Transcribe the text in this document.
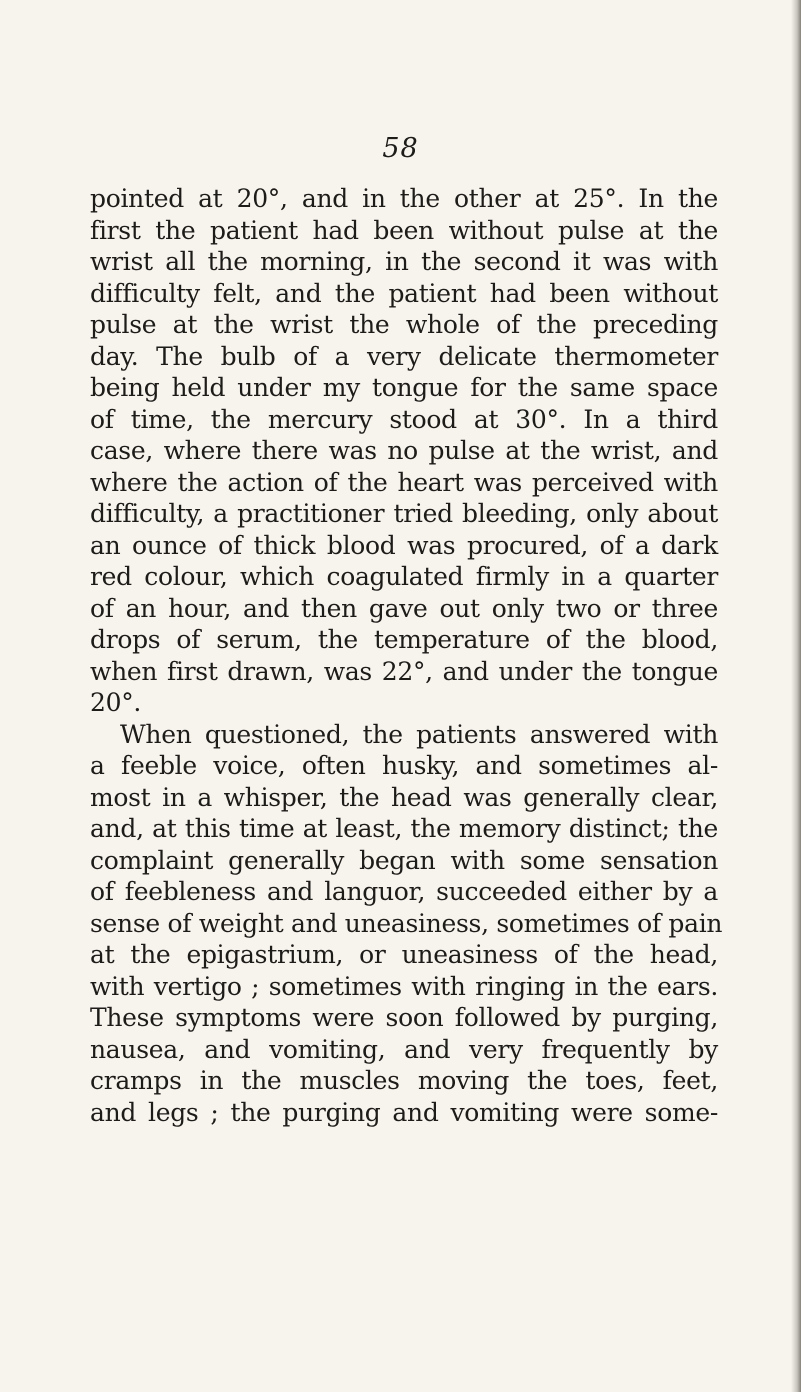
58
pointed at 20°, and in the other at 25°. In the
first the patient had been without pulse at the
wrist all the morning, in the second it was with
difficulty felt, and the patient had been without
pulse at the wrist the whole of the preceding
day. The bulb of a very delicate thermometer
being held under my tongue for the same space
of time, the mercury stood at 30°. In a third
case, where there was no pulse at the wrist, and
where the action of the heart was perceived with
difficulty, a practitioner tried bleeding, only about
an ounce of thick blood was procured, of a dark
red colour, which coagulated firmly in a quarter
of an hour, and then gave out only two or three
drops of serum, the temperature of the blood,
when first drawn, was 22°, and under the tongue
20°.
When questioned, the patients answered with
a feeble voice, often husky, and sometimes al-
most in a whisper, the head was generally clear,
and, at this time at least, the memory distinct; the
complaint generally began with some sensation
of feebleness and languor, succeeded either by a
sense of weight and uneasiness, sometimes of pain
at the epigastrium, or uneasiness of the head,
with vertigo ; sometimes with ringing in the ears.
These symptoms were soon followed by purging,
nausea, and vomiting, and very frequently by
cramps in the muscles moving the toes, feet,
and legs ; the purging and vomiting were some-
